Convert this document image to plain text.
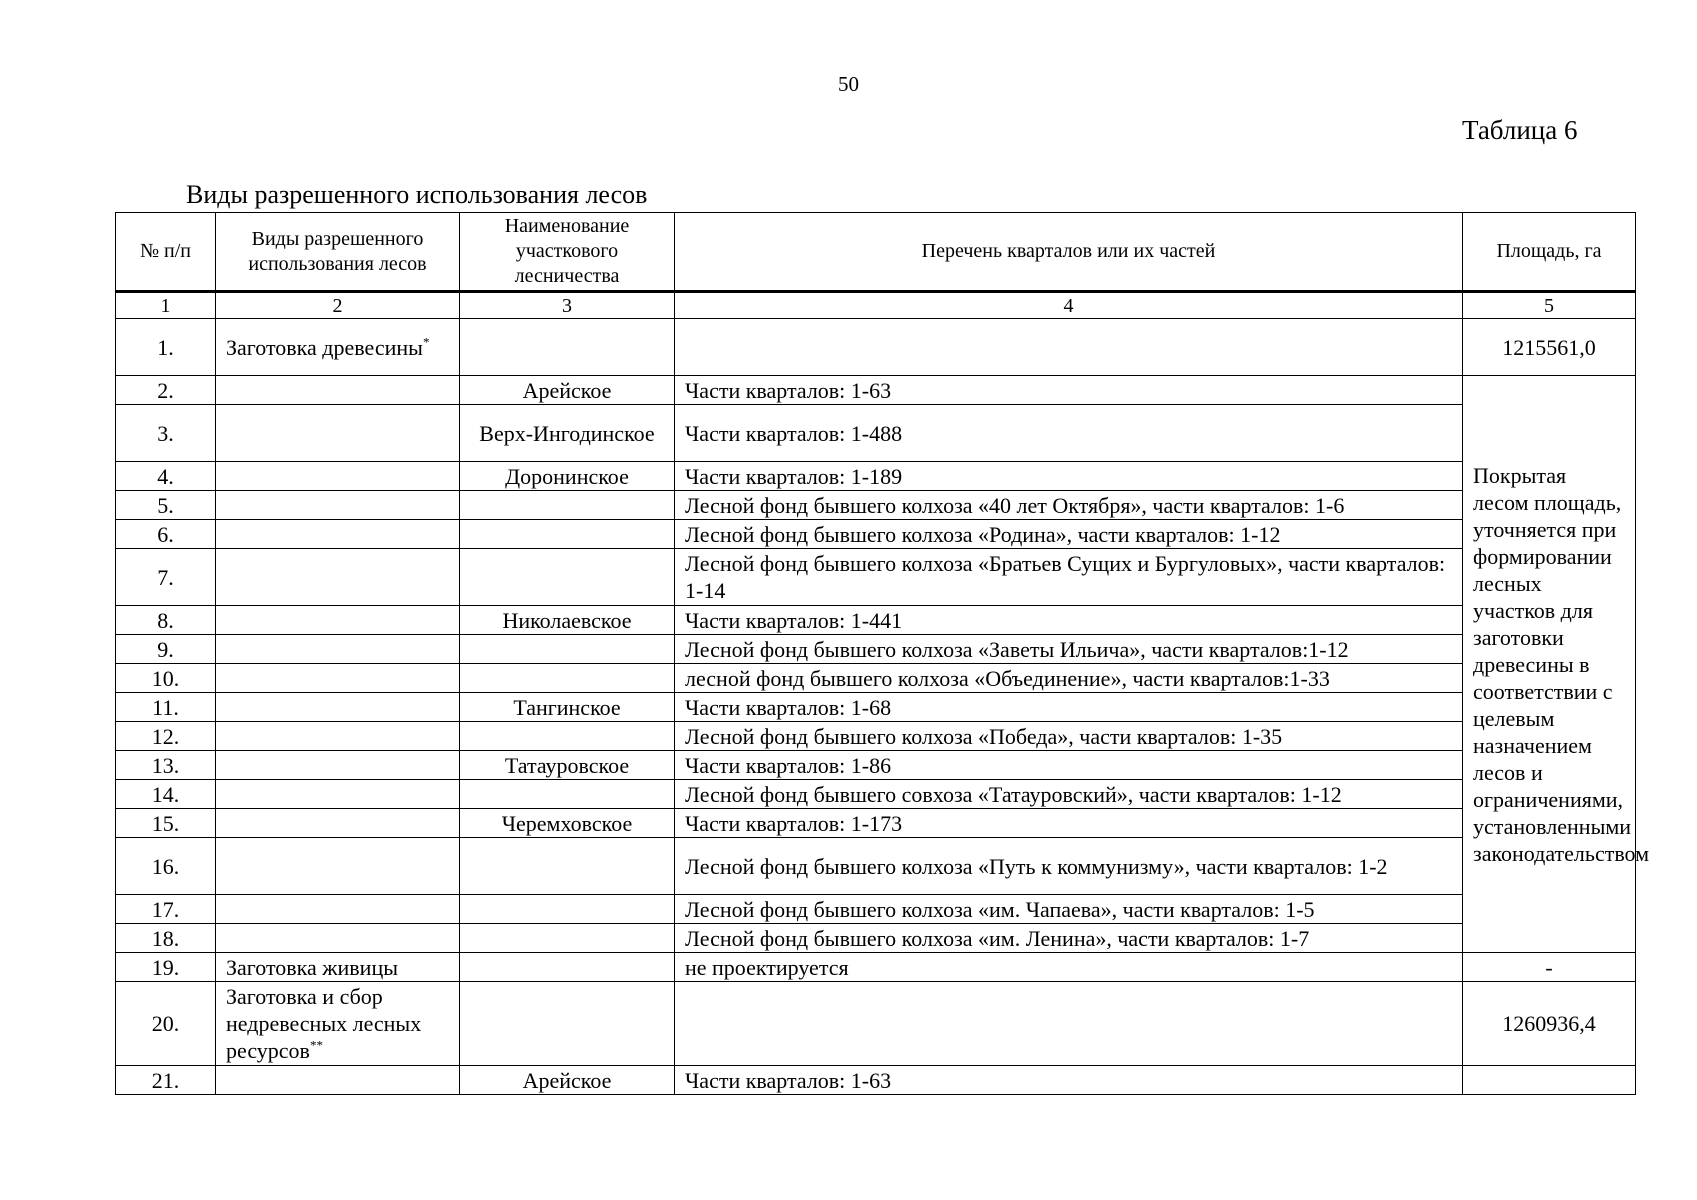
50
Таблица 6
Виды разрешенного использования лесов
№ п/п	Виды разрешенного использования лесов	Наименование участкового лесничества	Перечень кварталов или их частей	Площадь, га
1	2	3	4	5
1.	Заготовка древесины*			1215561,0
2.		Арейское	Части кварталов: 1-63	Покрытая лесом площадь, уточняется при формировании лесных участков для заготовки древесины в соответствии с целевым назначением лесов и ограничениями, установленными законодательством
3.		Верх-Ингодинское	Части кварталов: 1-488	
4.		Доронинское	Части кварталов: 1-189	
5.			Лесной фонд бывшего колхоза «40 лет Октября», части кварталов: 1-6	
6.			Лесной фонд бывшего колхоза «Родина», части кварталов: 1-12	
7.			Лесной фонд бывшего колхоза «Братьев Сущих и Бургуловых», части кварталов: 1-14	
8.		Николаевское	Части кварталов: 1-441	
9.			Лесной фонд бывшего колхоза «Заветы Ильича», части кварталов:1-12	
10.			лесной фонд бывшего колхоза «Объединение», части кварталов:1-33	
11.		Тангинское	Части кварталов: 1-68	
12.			Лесной фонд бывшего колхоза «Победа», части кварталов: 1-35	
13.		Татауровское	Части кварталов: 1-86	
14.			Лесной фонд бывшего совхоза «Татауровский», части кварталов: 1-12	
15.		Черемховское	Части кварталов: 1-173	
16.			Лесной фонд бывшего колхоза «Путь к коммунизму», части кварталов: 1-2	
17.			Лесной фонд бывшего колхоза «им. Чапаева», части кварталов: 1-5	
18.			Лесной фонд бывшего колхоза «им. Ленина», части кварталов: 1-7	
19.	Заготовка живицы		не проектируется	-
20.	Заготовка и сбор недревесных лесных ресурсов**			1260936,4
21.		Арейское	Части кварталов: 1-63	
